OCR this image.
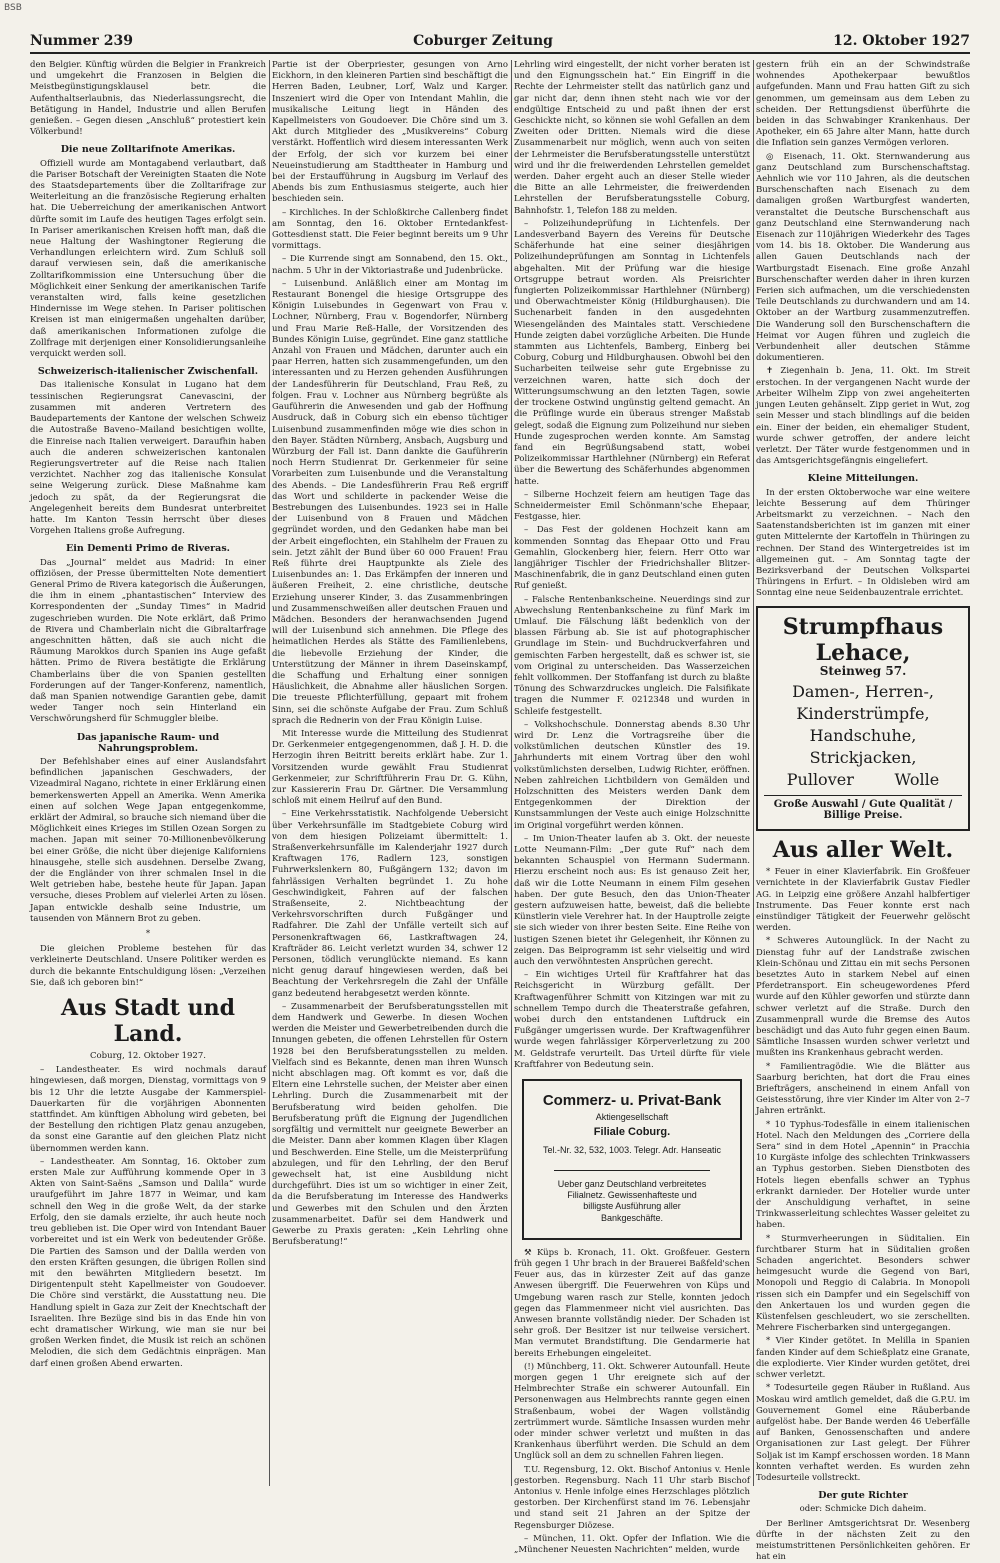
BSB
Nummer 239	Coburger Zeitung	12. Oktober 1927

den Belgier. Künftig würden die Belgier in Frankreich und umgekehrt die Franzosen in Belgien die Meistbegünstigungsklausel betr. die Aufenthaltserlaubnis, das Niederlassungsrecht, die Betätigung in Handel, Industrie und allen Berufen genießen. – Gegen diesen „Anschluß“ protestiert kein Völkerbund!

Die neue Zolltarifnote Amerikas.

Offiziell wurde am Montagabend verlautbart, daß die Pariser Botschaft der Vereinigten Staaten die Note des Staatsdepartements über die Zolltarifrage zur Weiterleitung an die französische Regierung erhalten hat. Die Ueberreichung der amerikanischen Antwort dürfte somit im Laufe des heutigen Tages erfolgt sein. In Pariser amerikanischen Kreisen hofft man, daß die neue Haltung der Washingtoner Regierung die Verhandlungen erleichtern wird. Zum Schluß soll darauf verwiesen sein, daß die amerikanische Zolltarifkommission eine Untersuchung über die Möglichkeit einer Senkung der amerikanischen Tarife veranstalten wird, falls keine gesetzlichen Hindernisse im Wege stehen. In Pariser politischen Kreisen ist man einigermaßen ungehalten darüber, daß amerikanischen Informationen zufolge die Zollfrage mit derjenigen einer Konsolidierungsanleihe verquickt werden soll.

Schweizerisch-italienischer Zwischenfall.

Das italienische Konsulat in Lugano hat dem tessinischen Regierungsrat Canevascini, der zusammen mit anderen Vertretern des Baudepartements der Kantone der welschen Schweiz die Autostraße Baveno–Mailand besichtigen wollte, die Einreise nach Italien verweigert. Daraufhin haben auch die anderen schweizerischen kantonalen Regierungsvertreter auf die Reise nach Italien verzichtet. Nachher zog das italienische Konsulat seine Weigerung zurück. Diese Maßnahme kam jedoch zu spät, da der Regierungsrat die Angelegenheit bereits dem Bundesrat unterbreitet hatte. Im Kanton Tessin herrscht über dieses Vorgehen Italiens große Aufregung.

Ein Dementi Primo de Riveras.

Das „Journal“ meldet aus Madrid: In einer offiziösen, der Presse übermittelten Note dementiert General Primo de Rivera kategorisch die Äußerungen, die ihm in einem „phantastischen“ Interview des Korrespondenten der „Sunday Times“ in Madrid zugeschrieben wurden. Die Note erklärt, daß Primo de Rivera und Chamberlain nicht die Gibraltarfrage angeschnitten hätten, daß sie auch nicht die Räumung Marokkos durch Spanien ins Auge gefaßt hätten. Primo de Rivera bestätigte die Erklärung Chamberlains über die von Spanien gestellten Forderungen auf der Tanger-Konferenz, namentlich, daß man Spanien notwendige Garantien gebe, damit weder Tanger noch sein Hinterland ein Verschwörungsherd für Schmuggler bleibe.

Das japanische Raum- und Nahrungsproblem.

Der Befehlshaber eines auf einer Auslandsfahrt befindlichen japanischen Geschwaders, der Vizeadmiral Nagano, richtete in einer Erklärung einen bemerkenswerten Appell an Amerika. Wenn Amerika einen auf solchen Wege Japan entgegenkomme, erklärt der Admiral, so brauche sich niemand über die Möglichkeit eines Krieges im Stillen Ozean Sorgen zu machen. Japan mit seiner 70-Millionenbevölkerung bei einer Größe, die nicht über diejenige Kaliforniens hinausgehe, stelle sich ausdehnen. Derselbe Zwang, der die Engländer von ihrer schmalen Insel in die Welt getrieben habe, bestehe heute für Japan. Japan versuche, dieses Problem auf vielerlei Arten zu lösen. Japan entwickle deshalb seine Industrie, um tausenden von Männern Brot zu geben.

*

Die gleichen Probleme bestehen für das verkleinerte Deutschland. Unsere Politiker werden es durch die bekannte Entschuldigung lösen: „Verzeihen Sie, daß ich geboren bin!“

Aus Stadt und Land.
Coburg, 12. Oktober 1927.

– Landestheater. Es wird nochmals darauf hingewiesen, daß morgen, Dienstag, vormittags von 9 bis 12 Uhr die letzte Ausgabe der Kammerspiel-Dauerkarten für die vorjährigen Abonnenten stattfindet. Am künftigen Abholung wird gebeten, bei der Bestellung den richtigen Platz genau anzugeben, da sonst eine Garantie auf den gleichen Platz nicht übernommen werden kann.

– Landestheater. Am Sonntag, 16. Oktober zum ersten Male zur Aufführung kommende Oper in 3 Akten von Saint-Saëns „Samson und Dalila“ wurde uraufgeführt im Jahre 1877 in Weimar, und kam schnell den Weg in die große Welt, da der starke Erfolg, den sie damals erzielte, ihr auch heute noch treu geblieben ist. Die Oper wird von Intendant Bauer vorbereitet und ist ein Werk von bedeutender Größe. Die Partien des Samson und der Dalila werden von den ersten Kräften gesungen, die übrigen Rollen sind mit den bewährten Mitgliedern besetzt. Im Dirigentenpult steht Kapellmeister von Goudoever. Die Chöre sind verstärkt, die Ausstattung neu. Die Handlung spielt in Gaza zur Zeit der Knechtschaft der Israeliten. Ihre Bezüge sind bis in das Ende hin von echt dramatischer Wirkung, wie man sie nur bei großen Werken findet, die Musik ist reich an schönen Melodien, die sich dem Gedächtnis einprägen. Man darf einen großen Abend erwarten.

Partie ist der Oberpriester, gesungen von Arno Eickhorn, in den kleineren Partien sind beschäftigt die Herren Baden, Leubner, Lorf, Walz und Karger. Inszeniert wird die Oper von Intendant Mahlin, die musikalische Leitung liegt in Händen des Kapellmeisters von Goudoever. Die Chöre sind um 3. Akt durch Mitglieder des „Musikvereins“ Coburg verstärkt. Hoffentlich wird diesem interessanten Werk der Erfolg, der sich vor kurzem bei einer Neueinstudierung am Stadttheater in Hamburg und bei der Erstaufführung in Augsburg im Verlauf des Abends bis zum Enthusiasmus steigerte, auch hier beschieden sein.

– Kirchliches. In der Schloßkirche Callenberg findet am Sonntag, den 16. Oktober Erntedankfest-Gottesdienst statt. Die Feier beginnt bereits um 9 Uhr vormittags.

– Die Kurrende singt am Sonnabend, den 15. Okt., nachm. 5 Uhr in der Viktoriastraße und Judenbrücke.

– Luisenbund. Anläßlich einer am Montag im Restaurant Bonengel die hiesige Ortsgruppe des Königin Luisebundes in Gegenwart von Frau v. Lochner, Nürnberg, Frau v. Bogendorfer, Nürnberg und Frau Marie Reß-Halle, der Vorsitzenden des Bundes Königin Luise, gegründet. Eine ganz stattliche Anzahl von Frauen und Mädchen, darunter auch ein paar Herren, hatten sich zusammengefunden, um den interessanten und zu Herzen gehenden Ausführungen der Landesführerin für Deutschland, Frau Reß, zu folgen. Frau v. Lochner aus Nürnberg begrüßte als Gauführerin die Anwesenden und gab der Hoffnung Ausdruck, daß in Coburg sich ein ebenso tüchtiger Luisenbund zusammenfinden möge wie dies schon in den Bayer. Städten Nürnberg, Ansbach, Augsburg und Würzburg der Fall ist. Dann dankte die Gauführerin noch Herrn Studienrat Dr. Gerkenmeier für seine Vorarbeiten zum Luisenbunde und die Veranstaltung des Abends. – Die Landesführerin Frau Reß ergriff das Wort und schilderte in packender Weise die Bestrebungen des Luisenbundes. 1923 sei in Halle der Luisenbund von 8 Frauen und Mädchen gegründet worden, und den Gedanken habe man bei der Arbeit eingeflochten, ein Stahlhelm der Frauen zu sein. Jetzt zählt der Bund über 60 000 Frauen! Frau Reß führte drei Hauptpunkte als Ziele des Luisenbundes an: 1. Das Erkämpfen der inneren und äußeren Freiheit, 2. eine christliche, deutsche Erziehung unserer Kinder, 3. das Zusammenbringen und Zusammenschweißen aller deutschen Frauen und Mädchen. Besonders der heranwachsenden Jugend will der Luisenbund sich annehmen. Die Pflege des heimatlichen Herdes als Stätte des Familienlebens, die liebevolle Erziehung der Kinder, die Unterstützung der Männer in ihrem Daseinskampf, die Schaffung und Erhaltung einer sonnigen Häuslichkeit, die Abnahme aller häuslichen Sorgen. Die treueste Pflichterfüllung, gepaart mit frohem Sinn, sei die schönste Aufgabe der Frau. Zum Schluß sprach die Rednerin von der Frau Königin Luise.

Mit Interesse wurde die Mitteilung des Studienrat Dr. Gerkenmeier entgegengenommen, daß J. H. D. die Herzogin ihren Beitritt bereits erklärt habe. Zur 1. Vorsitzenden wurde gewählt Frau Studienrat Gerkenmeier, zur Schriftführerin Frau Dr. G. Kühn, zur Kassiererin Frau Dr. Gärtner. Die Versammlung schloß mit einem Heilruf auf den Bund.

– Eine Verkehrsstatistik. Nachfolgende Uebersicht über Verkehrsunfälle im Stadtgebiete Coburg wird von dem hiesigen Polizeiamt übermittelt: 1. Straßenverkehrsunfälle im Kalenderjahr 1927 durch Kraftwagen 176, Radlern 123, sonstigen Fuhrwerkslenkern 80, Fußgängern 132; davon im fahrlässigen Verhalten begründet 1. Zu hohe Geschwindigkeit, Fahren auf der falschen Straßenseite, 2. Nichtbeachtung der Verkehrsvorschriften durch Fußgänger und Radfahrer. Die Zahl der Unfälle verteilt sich auf Personenkraftwagen 66, Lastkraftwagen 24, Krafträder 86. Leicht verletzt wurden 34, schwer 12 Personen, tödlich verunglückte niemand. Es kann nicht genug darauf hingewiesen werden, daß bei Beachtung der Verkehrsregeln die Zahl der Unfälle ganz bedeutend herabgesetzt werden könnte.

– Zusammenarbeit der Berufsberatungsstellen mit dem Handwerk und Gewerbe. In diesen Wochen werden die Meister und Gewerbetreibenden durch die Innungen gebeten, die offenen Lehrstellen für Ostern 1928 bei den Berufsberatungsstellen zu melden. Vielfach sind es Bekannte, denen man ihren Wunsch nicht abschlagen mag. Oft kommt es vor, daß die Eltern eine Lehrstelle suchen, der Meister aber einen Lehrling. Durch die Zusammenarbeit mit der Berufsberatung wird beiden geholfen. Die Berufsberatung prüft die Eignung der Jugendlichen sorgfältig und vermittelt nur geeignete Bewerber an die Meister. Dann aber kommen Klagen über Klagen und Beschwerden. Eine Stelle, um die Meisterprüfung abzulegen, und für den Lehrling, der den Beruf gewechselt hat, ist eine Ausbildung nicht durchgeführt. Dies ist um so wichtiger in einer Zeit, da die Berufsberatung im Interesse des Handwerks und Gewerbes mit den Schulen und den Ärzten zusammenarbeitet. Dafür sei dem Handwerk und Gewerbe zu Praxis geraten: „Kein Lehrling ohne Berufsberatung!“

Lehrling wird eingestellt, der nicht vorher beraten ist und den Eignungsschein hat.“ Ein Eingriff in die Rechte der Lehrmeister stellt das natürlich ganz und gar nicht dar, denn ihnen steht nach wie vor der endgültige Entscheid zu und paßt ihnen der erst Geschickte nicht, so können sie wohl Gefallen an dem Zweiten oder Dritten. Niemals wird die diese Zusammenarbeit nur möglich, wenn auch von seiten der Lehrmeister die Berufsberatungsstelle unterstützt wird und ihr die freiwerdenden Lehrstellen gemeldet werden. Daher ergeht auch an dieser Stelle wieder die Bitte an alle Lehrmeister, die freiwerdenden Lehrstellen der Berufsberatungsstelle Coburg, Bahnhofstr. 1, Telefon 188 zu melden.

– Polizeihundeprüfung in Lichtenfels. Der Landesverband Bayern des Vereins für Deutsche Schäferhunde hat eine seiner diesjährigen Polizeihundeprüfungen am Sonntag in Lichtenfels abgehalten. Mit der Prüfung war die hiesige Ortsgruppe betraut worden. Als Preisrichter fungierten Polizeikommissar Harthlehner (Nürnberg) und Oberwachtmeister König (Hildburghausen). Die Suchenarbeit fanden in den ausgedehnten Wiesengeländen des Maintales statt. Verschiedene Hunde zeigten dabei vorzügliche Arbeiten. Die Hunde stammten aus Lichtenfels, Bamberg, Einberg bei Coburg, Coburg und Hildburghausen. Obwohl bei den Sucharbeiten teilweise sehr gute Ergebnisse zu verzeichnen waren, hatte sich doch der Witterungsumschwung an den letzten Tagen, sowie der trockene Ostwind ungünstig geltend gemacht. An die Prüflinge wurde ein überaus strenger Maßstab gelegt, sodaß die Eignung zum Polizeihund nur sieben Hunde zugesprochen werden konnte. Am Samstag fand ein Begrüßungsabend statt, wobei Polizeikommissar Harthlehner (Nürnberg) ein Referat über die Bewertung des Schäferhundes abgenommen hatte.

– Silberne Hochzeit feiern am heutigen Tage das Schneidermeister Emil Schönmann'sche Ehepaar, Festgasse, hier.

– Das Fest der goldenen Hochzeit kann am kommenden Sonntag das Ehepaar Otto und Frau Gemahlin, Glockenberg hier, feiern. Herr Otto war langjähriger Tischler der Friedrichshaller Blitzer-Maschinenfabrik, die in ganz Deutschland einen guten Ruf genießt.

– Falsche Rentenbankscheine. Neuerdings sind zur Abwechslung Rentenbankscheine zu fünf Mark im Umlauf. Die Fälschung läßt bedenklich von der blassen Färbung ab. Sie ist auf photographischer Grundlage im Stein- und Buchdruckverfahren und gemischten Farben hergestellt, daß es schwer ist, sie vom Original zu unterscheiden. Das Wasserzeichen fehlt vollkommen. Der Stoffanfang ist durch zu blaßte Tönung des Schwarzdruckes ungleich. Die Falsifikate tragen die Nummer F. 0212348 und wurden in Schleife festgestellt.

– Volkshochschule. Donnerstag abends 8.30 Uhr wird Dr. Lenz die Vortragsreihe über die volkstümlichen deutschen Künstler des 19. Jahrhunderts mit einem Vortrag über den wohl volkstümlichsten derselben, Ludwig Richter, eröffnen. Neben zahlreichen Lichtbildern von Gemälden und Holzschnitten des Meisters werden Dank dem Entgegenkommen der Direktion der Kunstsammlungen der Veste auch einige Holzschnitte im Original vorgeführt werden können.

– Im Union-Theater laufen ab 3. Okt. der neueste Lotte Neumann-Film: „Der gute Ruf“ nach dem bekannten Schauspiel von Hermann Sudermann. Hierzu erscheint noch aus: Es ist genauso Zeit her, daß wir die Lotte Neumann in einem Film gesehen haben. Der gute Besuch, den das Union-Theater gestern aufzuweisen hatte, beweist, daß die beliebte Künstlerin viele Verehrer hat. In der Hauptrolle zeigte sie sich wieder von ihrer besten Seite. Eine Reihe von lustigen Szenen bietet ihr Gelegenheit, ihr Können zu zeigen. Das Beiprogramm ist sehr vielseitig und wird auch den verwöhntesten Ansprüchen gerecht.

– Ein wichtiges Urteil für Kraftfahrer hat das Reichsgericht in Würzburg gefällt. Der Kraftwagenführer Schmitt von Kitzingen war mit zu schnellem Tempo durch die Theaterstraße gefahren, wobei durch den entstandenen Luftdruck ein Fußgänger umgerissen wurde. Der Kraftwagenführer wurde wegen fahrlässiger Körperverletzung zu 200 M. Geldstrafe verurteilt. Das Urteil dürfte für viele Kraftfahrer von Bedeutung sein.

Commerz- u. Privat-Bank
Aktiengesellschaft
Filiale Coburg.
Tel.-Nr. 32, 532, 1003. Telegr. Adr. Hanseatic
Ueber ganz Deutschland verbreitetes Filialnetz. Gewissenhafteste und billigste Ausführung aller Bankgeschäfte.

⚒ Küps b. Kronach, 11. Okt. Großfeuer. Gestern früh gegen 1 Uhr brach in der Brauerei Baßfeld'schen Feuer aus, das in kürzester Zeit auf das ganze Anwesen übergriff. Die Feuerwehren von Küps und Umgebung waren rasch zur Stelle, konnten jedoch gegen das Flammenmeer nicht viel ausrichten. Das Anwesen brannte vollständig nieder. Der Schaden ist sehr groß. Der Besitzer ist nur teilweise versichert. Man vermutet Brandstiftung. Die Gendarmerie hat bereits Erhebungen eingeleitet.

(!) Münchberg, 11. Okt. Schwerer Autounfall. Heute morgen gegen 1 Uhr ereignete sich auf der Helmbrechter Straße ein schwerer Autounfall. Ein Personenwagen aus Helmbrechts rannte gegen einen Straßenbaum, wobei der Wagen vollständig zertrümmert wurde. Sämtliche Insassen wurden mehr oder minder schwer verletzt und mußten in das Krankenhaus überführt werden. Die Schuld an dem Unglück soll an dem zu schnellen Fahren liegen.

T.U. Regensburg, 12. Okt. Bischof Antonius v. Henle gestorben. Regensburg. Nach 11 Uhr starb Bischof Antonius v. Henle infolge eines Herzschlages plötzlich gestorben. Der Kirchenfürst stand im 76. Lebensjahr und stand seit 21 Jahren an der Spitze der Regensburger Diözese.

– München, 11. Okt. Opfer der Inflation. Wie die „Münchener Neuesten Nachrichten“ melden, wurde

gestern früh ein an der Schwindstraße wohnendes Apothekerpaar bewußtlos aufgefunden. Mann und Frau hatten Gift zu sich genommen, um gemeinsam aus dem Leben zu scheiden. Der Rettungsdienst überführte die beiden in das Schwabinger Krankenhaus. Der Apotheker, ein 65 Jahre alter Mann, hatte durch die Inflation sein ganzes Vermögen verloren.

◎ Eisenach, 11. Okt. Sternwanderung aus ganz Deutschland zum Burschenschaftstag. Aehnlich wie vor 110 Jahren, als die deutschen Burschenschaften nach Eisenach zu dem damaligen großen Wartburgfest wanderten, veranstaltet die Deutsche Burschenschaft aus ganz Deutschland eine Sternwanderung nach Eisenach zur 110jährigen Wiederkehr des Tages vom 14. bis 18. Oktober. Die Wanderung aus allen Gauen Deutschlands nach der Wartburgstadt Eisenach. Eine große Anzahl Burschenschafter werden daher in ihren kurzen Ferien sich aufmachen, um die verschiedensten Teile Deutschlands zu durchwandern und am 14. Oktober an der Wartburg zusammenzutreffen. Die Wanderung soll den Burschenschaftern die Heimat vor Augen führen und zugleich die Verbundenheit aller deutschen Stämme dokumentieren.

✝ Ziegenhain b. Jena, 11. Okt. Im Streit erstochen. In der vergangenen Nacht wurde der Arbeiter Wilhelm Zipp von zwei angeheiterten jungen Leuten gehänselt. Zipp geriet in Wut, zog sein Messer und stach blindlings auf die beiden ein. Einer der beiden, ein ehemaliger Student, wurde schwer getroffen, der andere leicht verletzt. Der Täter wurde festgenommen und in das Amtsgerichtsgefängnis eingeliefert.

Kleine Mitteilungen.

In der ersten Oktoberwoche war eine weitere leichte Besserung auf dem Thüringer Arbeitsmarkt zu verzeichnen. – Nach den Saatenstandsberichten ist im ganzen mit einer guten Mittelernte der Kartoffeln in Thüringen zu rechnen. Der Stand des Wintergetreides ist im allgemeinen gut. – Am Sonntag tagte der Bezirksverband der Deutschen Volkspartei Thüringens in Erfurt. – In Oldisleben wird am Sonntag eine neue Seidenbauzentrale errichtet.

Strumpfhaus Lehace,
Steinweg 57.
Damen-, Herren-, Kinderstrümpfe,
Handschuhe, Strickjacken,
Pullover	Wolle
Große Auswahl / Gute Qualität / Billige Preise.
Aus aller Welt.

* Feuer in einer Klavierfabrik. Ein Großfeuer vernichtete in der Klavierfabrik Gustav Fiedler AG. in Leipzig eine größere Anzahl halbfertiger Instrumente. Das Feuer konnte erst nach einstündiger Tätigkeit der Feuerwehr gelöscht werden.

* Schweres Autounglück. In der Nacht zu Dienstag fuhr auf der Landstraße zwischen Klein-Schönau und Zittau ein mit sechs Personen besetztes Auto in starkem Nebel auf einen Pferdetransport. Ein scheugewordenes Pferd wurde auf den Kühler geworfen und stürzte dann schwer verletzt auf die Straße. Durch den Zusammenprall wurde die Bremse des Autos beschädigt und das Auto fuhr gegen einen Baum. Sämtliche Insassen wurden schwer verletzt und mußten ins Krankenhaus gebracht werden.

* Familientragödie. Wie die Blätter aus Saarburg berichten, hat dort die Frau eines Briefträgers, anscheinend in einem Anfall von Geistesstörung, ihre vier Kinder im Alter von 2–7 Jahren ertränkt.

* 10 Typhus-Todesfälle in einem italienischen Hotel. Nach den Meldungen des „Corriere della Sera“ sind in dem Hotel „Apennin“ in Pracchia 10 Kurgäste infolge des schlechten Trinkwassers an Typhus gestorben. Sieben Dienstboten des Hotels liegen ebenfalls schwer an Typhus erkrankt darnieder. Der Hotelier wurde unter der Anschuldigung verhaftet, in seine Trinkwasserleitung schlechtes Wasser geleitet zu haben.

* Sturmverheerungen in Süditalien. Ein furchtbarer Sturm hat in Süditalien großen Schaden angerichtet. Besonders schwer heimgesucht wurde die Gegend von Bari, Monopoli und Reggio di Calabria. In Monopoli rissen sich ein Dampfer und ein Segelschiff von den Ankertauen los und wurden gegen die Küstenfelsen geschleudert, wo sie zerschellten. Mehrere Fischerbarken sind untergegangen.

* Vier Kinder getötet. In Melilla in Spanien fanden Kinder auf dem Schießplatz eine Granate, die explodierte. Vier Kinder wurden getötet, drei schwer verletzt.

* Todesurteile gegen Räuber in Rußland. Aus Moskau wird amtlich gemeldet, daß die G.P.U. im Gouvernement Gomel eine Räuberbande aufgelöst habe. Der Bande werden 46 Ueberfälle auf Banken, Genossenschaften und andere Organisationen zur Last gelegt. Der Führer Soljak ist im Kampf erschossen worden. 18 Mann konnten verhaftet werden. Es wurden zehn Todesurteile vollstreckt.

Der gute Richter
oder: Schmicke Dich daheim.

Der Berliner Amtsgerichtsrat Dr. Wesenberg dürfte in der nächsten Zeit zu den meistumstrittenen Persönlichkeiten gehören. Er hat ein
